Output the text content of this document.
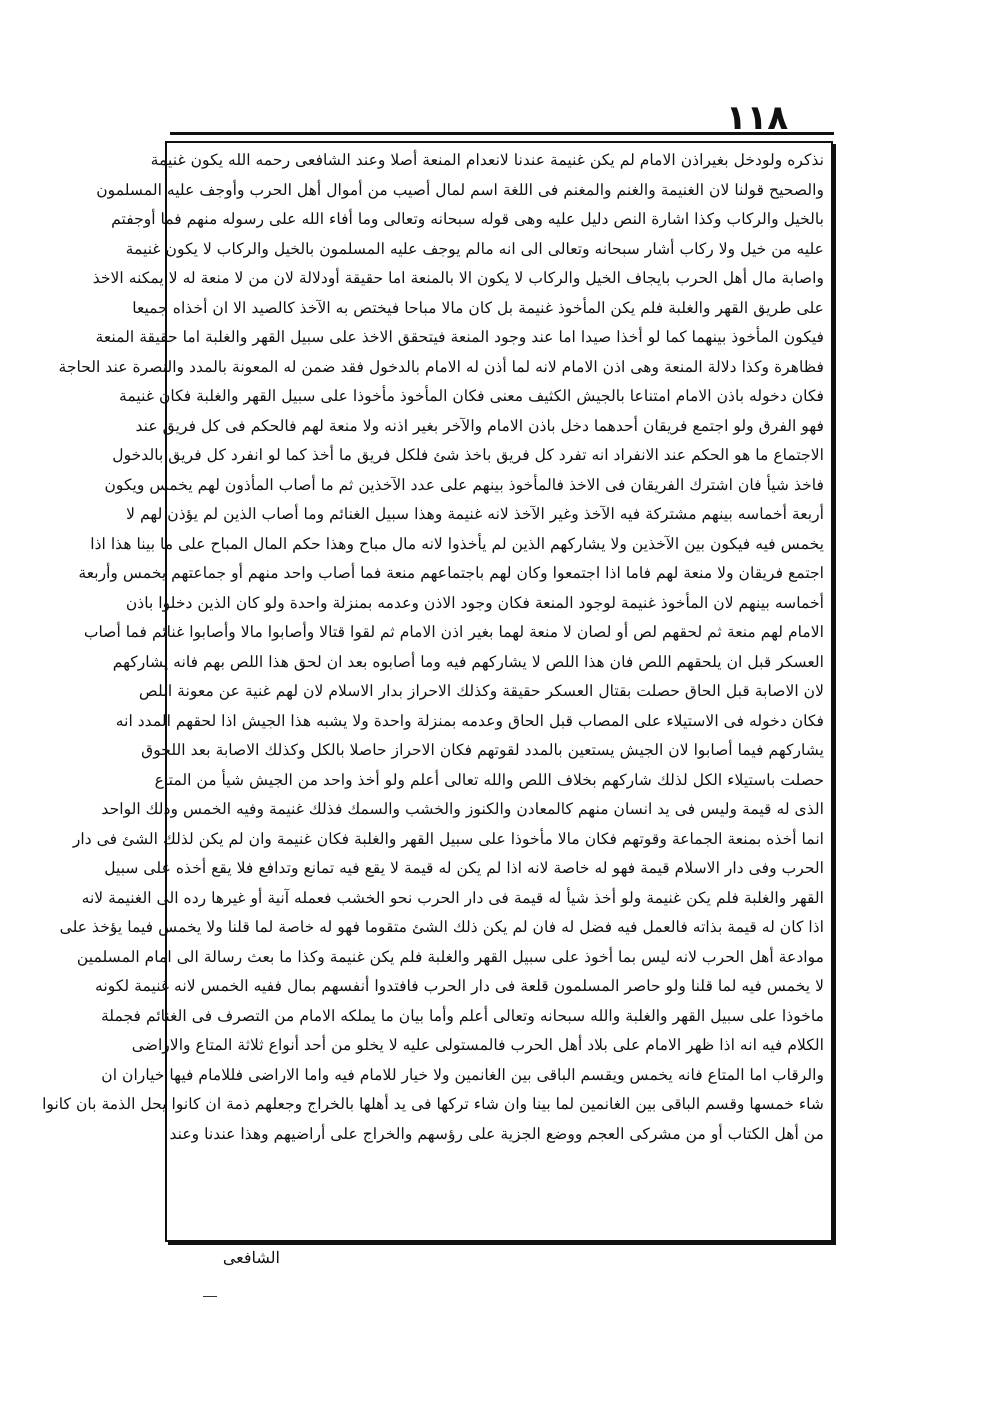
١١٨
نذكره ولودخل بغيراذن الامام لم يكن غنيمة عندنا لانعدام المنعة أصلا وعند الشافعى رحمه الله يكون غنيمة
والصحيح قولنا لان الغنيمة والغنم والمغنم فى اللغة اسم لمال أصيب من أموال أهل الحرب وأوجف عليه المسلمون
بالخيل والركاب وكذا اشارة النص دليل عليه وهى قوله سبحانه وتعالى وما أفاء الله على رسوله منهم فما أوجفتم
عليه من خيل ولا ركاب أشار سبحانه وتعالى الى انه مالم يوجف عليه المسلمون بالخيل والركاب لا يكون غنيمة
واصابة مال أهل الحرب بايجاف الخيل والركاب لا يكون الا بالمنعة اما حقيقة أودلالة لان من لا منعة له لا يمكنه الاخذ
على طريق القهر والغلبة فلم يكن المأخوذ غنيمة بل كان مالا مباحا فيختص به الآخذ كالصيد الا ان أخذاه جميعا
فيكون المأخوذ بينهما كما لو أخذا صيدا اما عند وجود المنعة فيتحقق الاخذ على سبيل القهر والغلبة اما حقيقة المنعة
فظاهرة وكذا دلالة المنعة وهى اذن الامام لانه لما أذن له الامام بالدخول فقد ضمن له المعونة بالمدد والنصرة عند الحاجة
فكان دخوله باذن الامام امتناعا بالجيش الكثيف معنى فكان المأخوذ مأخوذا على سبيل القهر والغلبة فكان غنيمة
فهو الفرق ولو اجتمع فريقان أحدهما دخل باذن الامام والآخر بغير اذنه ولا منعة لهم فالحكم فى كل فريق عند
الاجتماع ما هو الحكم عند الانفراد انه تفرد كل فريق باخذ شئ فلكل فريق ما أخذ كما لو انفرد كل فريق بالدخول
فاخذ شيأ فان اشترك الفريقان فى الاخذ فالمأخوذ بينهم على عدد الآخذين ثم ما أصاب المأذون لهم يخمس ويكون
أربعة أخماسه بينهم مشتركة فيه الآخذ وغير الآخذ لانه غنيمة وهذا سبيل الغنائم وما أصاب الذين لم يؤذن لهم لا
يخمس فيه فيكون بين الآخذين ولا يشاركهم الذين لم يأخذوا لانه مال مباح وهذا حكم المال المباح على ما بينا هذا اذا
اجتمع فريقان ولا منعة لهم فاما اذا اجتمعوا وكان لهم باجتماعهم منعة فما أصاب واحد منهم أو جماعتهم يخمس وأربعة
أخماسه بينهم لان المأخوذ غنيمة لوجود المنعة فكان وجود الاذن وعدمه بمنزلة واحدة ولو كان الذين دخلوا باذن
الامام لهم منعة ثم لحقهم لص أو لصان لا منعة لهما بغير اذن الامام ثم لقوا قتالا وأصابوا مالا وأصابوا غنائم فما أصاب
العسكر قبل ان يلحقهم اللص فان هذا اللص لا يشاركهم فيه وما أصابوه بعد ان لحق هذا اللص بهم فانه يشاركهم
لان الاصابة قبل الحاق حصلت بقتال العسكر حقيقة وكذلك الاحراز بدار الاسلام لان لهم غنية عن معونة اللص
فكان دخوله فى الاستيلاء على المصاب قبل الحاق وعدمه بمنزلة واحدة ولا يشبه هذا الجيش اذا لحقهم المدد انه
يشاركهم فيما أصابوا لان الجيش يستعين بالمدد لقوتهم فكان الاحراز حاصلا بالكل وكذلك الاصابة بعد اللحوق
حصلت باستيلاء الكل لذلك شاركهم بخلاف اللص والله تعالى أعلم ولو أخذ واحد من الجيش شيأ من المتاع
الذى له قيمة وليس فى يد انسان منهم كالمعادن والكنوز والخشب والسمك فذلك غنيمة وفيه الخمس وذلك الواحد
انما أخذه بمنعة الجماعة وقوتهم فكان مالا مأخوذا على سبيل القهر والغلبة فكان غنيمة وان لم يكن لذلك الشئ فى دار
الحرب وفى دار الاسلام قيمة فهو له خاصة لانه اذا لم يكن له قيمة لا يقع فيه تمانع وتدافع فلا يقع أخذه على سبيل
القهر والغلبة فلم يكن غنيمة ولو أخذ شيأ له قيمة فى دار الحرب نحو الخشب فعمله آنية أو غيرها رده الى الغنيمة لانه
اذا كان له قيمة بذاته فالعمل فيه فضل له فان لم يكن ذلك الشئ متقوما فهو له خاصة لما قلنا ولا يخمس فيما يؤخذ على
موادعة أهل الحرب لانه ليس بما أخوذ على سبيل القهر والغلبة فلم يكن غنيمة وكذا ما بعث رسالة الى امام المسلمين
لا يخمس فيه لما قلنا ولو حاصر المسلمون قلعة فى دار الحرب فافتدوا أنفسهم بمال ففيه الخمس لانه غنيمة لكونه
ماخوذا على سبيل القهر والغلبة والله سبحانه وتعالى أعلم وأما بيان ما يملكه الامام من التصرف فى الغنائم فجملة
الكلام فيه انه اذا ظهر الامام على بلاد أهل الحرب فالمستولى عليه لا يخلو من أحد أنواع ثلاثة المتاع والاراضى
والرقاب اما المتاع فانه يخمس ويقسم الباقى بين الغانمين ولا خيار للامام فيه واما الاراضى فللامام فيها خياران ان
شاء خمسها وقسم الباقى بين الغانمين لما بينا وان شاء تركها فى يد أهلها بالخراج وجعلهم ذمة ان كانوا يحل الذمة بان كانوا
من أهل الكتاب أو من مشركى العجم ووضع الجزية على رؤسهم والخراج على أراضيهم وهذا عندنا وعند
الشافعى
